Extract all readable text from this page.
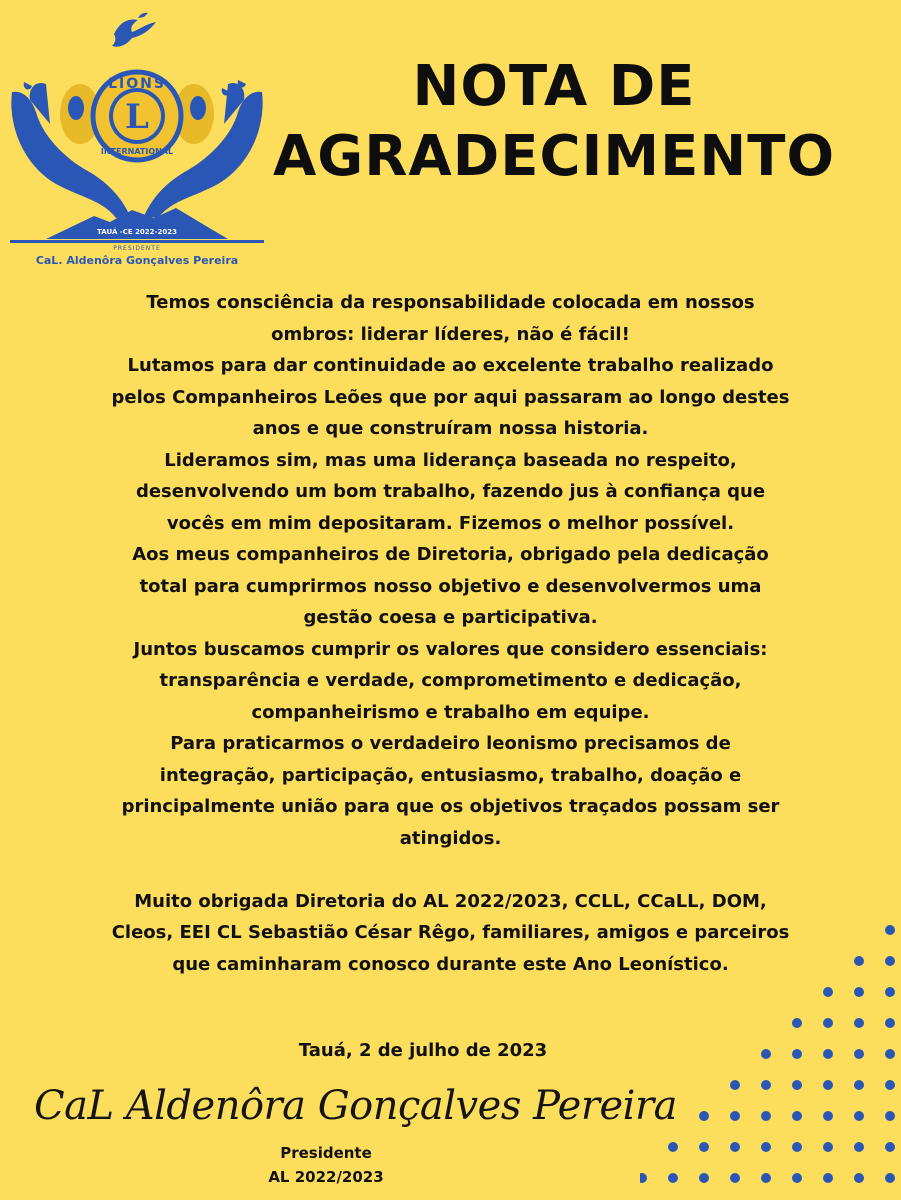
TAUÁ -CE 2022-2023
PRESIDENTE
L
LIONS
INTERNATIONAL
CaL. Aldenôra Gonçalves Pereira
NOTA DE
AGRADECIMENTO
Temos consciência da responsabilidade colocada em nossos
ombros: liderar líderes, não é fácil!
Lutamos para dar continuidade ao excelente trabalho realizado
pelos Companheiros Leões que por aqui passaram ao longo destes
anos e que construíram nossa historia.
Lideramos sim, mas uma liderança baseada no respeito,
desenvolvendo um bom trabalho, fazendo jus à confiança que
vocês em mim depositaram. Fizemos o melhor possível.
Aos meus companheiros de Diretoria, obrigado pela dedicação
total para cumprirmos nosso objetivo e desenvolvermos uma
gestão coesa e participativa.
Juntos buscamos cumprir os valores que considero essenciais:
transparência e verdade, comprometimento e dedicação,
companheirismo e trabalho em equipe.
Para praticarmos o verdadeiro leonismo precisamos de
integração, participação, entusiasmo, trabalho, doação e
principalmente união para que os objetivos traçados possam ser
atingidos.
Muito obrigada Diretoria do AL 2022/2023, CCLL, CCaLL, DOM,
Cleos, EEI CL Sebastião César Rêgo, familiares, amigos e parceiros
que caminharam conosco durante este Ano Leonístico.
Tauá, 2 de julho de 2023
CaL Aldenôra Gonçalves Pereira
Presidente
AL 2022/2023
